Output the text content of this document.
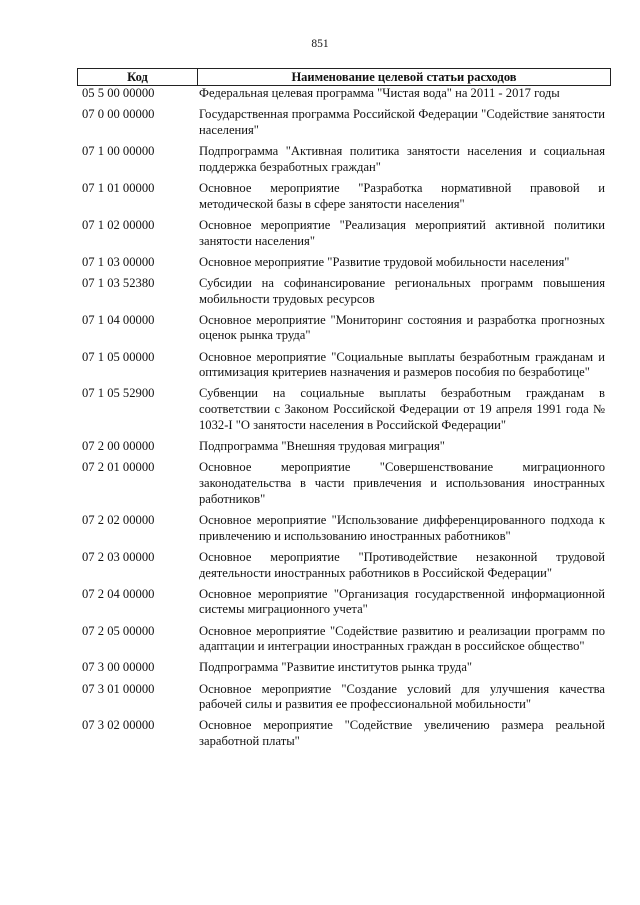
851
Код	Наименование целевой статьи расходов
05 5 00 00000	Федеральная целевая программа "Чистая вода" на 2011 - 2017 годы
07 0 00 00000	Государственная программа Российской Федерации "Содействие занятости населения"
07 1 00 00000	Подпрограмма "Активная политика занятости населения и социальная поддержка безработных граждан"
07 1 01 00000	Основное мероприятие "Разработка нормативной правовой и методической базы в сфере занятости населения"
07 1 02 00000	Основное мероприятие "Реализация мероприятий активной политики занятости населения"
07 1 03 00000	Основное мероприятие "Развитие трудовой мобильности населения"
07 1 03 52380	Субсидии на софинансирование региональных программ повышения мобильности трудовых ресурсов
07 1 04 00000	Основное мероприятие "Мониторинг состояния и разработка прогнозных оценок рынка труда"
07 1 05 00000	Основное мероприятие "Социальные выплаты безработным гражданам и оптимизация критериев назначения и размеров пособия по безработице"
07 1 05 52900	Субвенции на социальные выплаты безработным гражданам в соответствии с Законом Российской Федерации от 19 апреля 1991 года № 1032-I "О занятости населения в Российской Федерации"
07 2 00 00000	Подпрограмма "Внешняя трудовая миграция"
07 2 01 00000	Основное мероприятие "Совершенствование миграционного законодательства в части привлечения и использования иностранных работников"
07 2 02 00000	Основное мероприятие "Использование дифференцированного подхода к привлечению и использованию иностранных работников"
07 2 03 00000	Основное мероприятие "Противодействие незаконной трудовой деятельности иностранных работников в Российской Федерации"
07 2 04 00000	Основное мероприятие "Организация государственной информационной системы миграционного учета"
07 2 05 00000	Основное мероприятие "Содействие развитию и реализации программ по адаптации и интеграции иностранных граждан в российское общество"
07 3 00 00000	Подпрограмма "Развитие институтов рынка труда"
07 3 01 00000	Основное мероприятие "Создание условий для улучшения качества рабочей силы и развития ее профессиональной мобильности"
07 3 02 00000	Основное мероприятие "Содействие увеличению размера реальной заработной платы"
